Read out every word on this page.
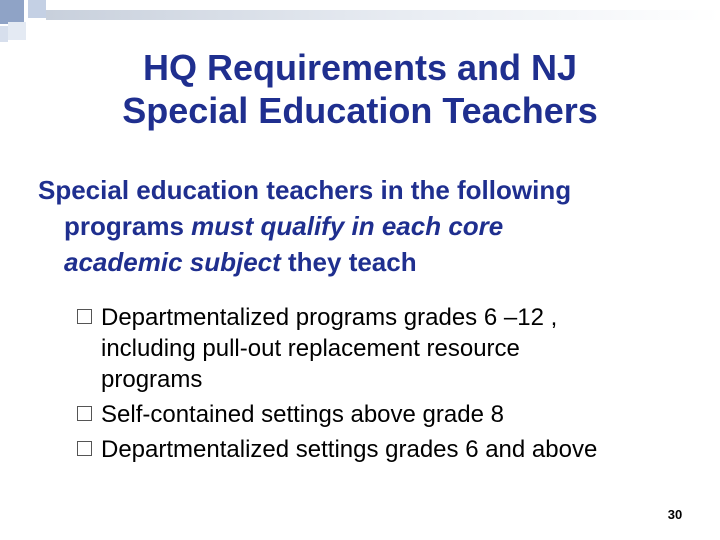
HQ Requirements and NJ
Special Education Teachers
Special education teachers in the following
programs must qualify in each core
academic subject they teach
Departmentalized programs grades 6 –12 ,
including pull-out replacement resource
programs
Self-contained settings above grade 8
Departmentalized settings grades 6 and above
30
